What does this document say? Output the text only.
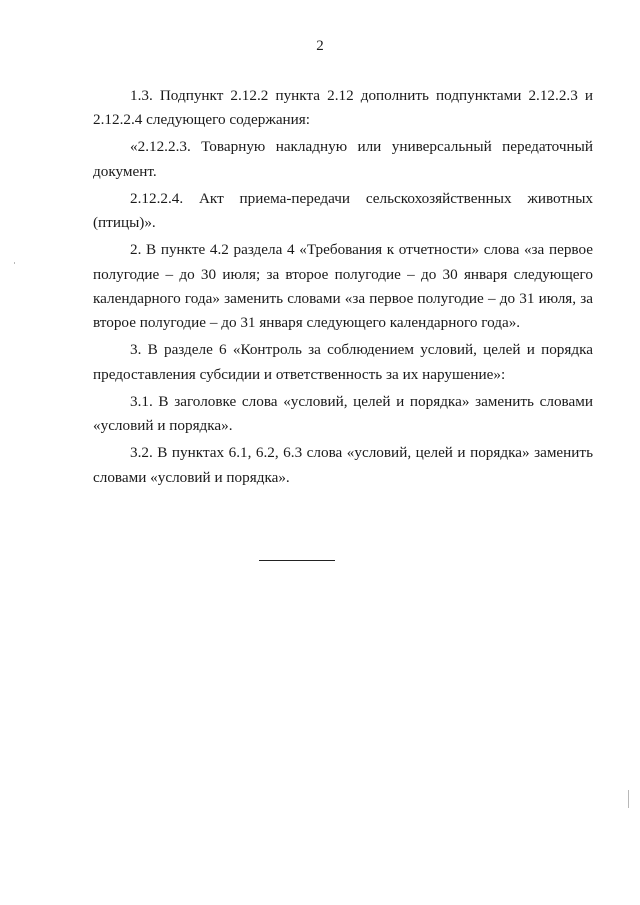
2

1.3. Подпункт 2.12.2 пункта 2.12 дополнить подпунктами 2.12.2.3 и 2.12.2.4 следующего содержания:

«2.12.2.3. Товарную накладную или универсальный передаточный документ.

2.12.2.4. Акт приема-передачи сельскохозяйственных животных (птицы)».

2. В пункте 4.2 раздела 4 «Требования к отчетности» слова «за первое полугодие – до 30 июля; за второе полугодие – до 30 января следующего календарного года» заменить словами «за первое полугодие – до 31 июля, за второе полугодие – до 31 января следующего календарного года».

3. В разделе 6 «Контроль за соблюдением условий, целей и порядка предоставления субсидии и ответственность за их нарушение»:

3.1. В заголовке слова «условий, целей и порядка» заменить словами «условий и порядка».

3.2. В пунктах 6.1, 6.2, 6.3 слова «условий, целей и порядка» заменить словами «условий и порядка».
